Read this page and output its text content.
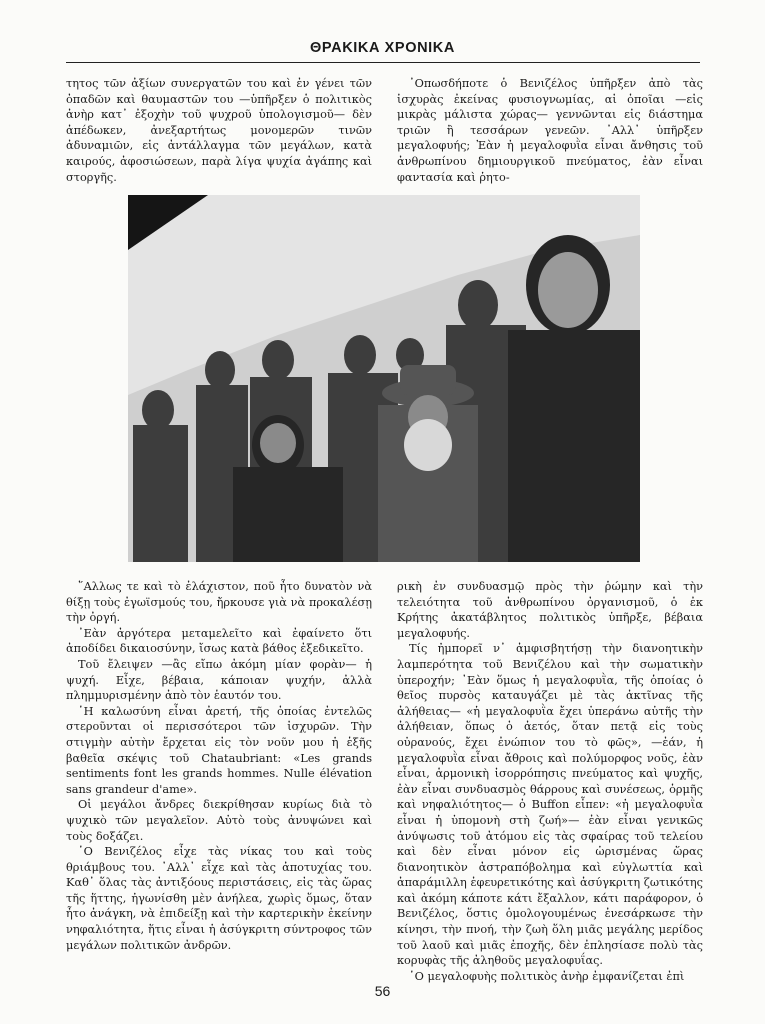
ΘΡΑΚΙΚΑ ΧΡΟΝΙΚΑ

τητος τῶν ἀξίων συνεργατῶν του καὶ ἐν γένει τῶν ὀπαδῶν καὶ θαυμαστῶν του —ὑπῆρξεν ὁ πολιτικὸς ἀνὴρ κατ᾽ ἐξοχὴν τοῦ ψυχροῦ ὑπολογισμοῦ— δὲν ἀπέδωκεν, ἀνεξαρτήτως μονομερῶν τινῶν ἀδυναμιῶν, εἰς ἀντάλλαγμα τῶν μεγάλων, κατὰ καιρούς, ἀφοσιώσεων, παρὰ λίγα ψυχία ἀγάπης καὶ στοργῆς.

᾽Οπωσδήποτε ὁ Βενιζέλος ὑπῆρξεν ἀπὸ τὰς ἰσχυρὰς ἐκείνας φυσιογνωμίας, αἱ ὁποῖαι —εἰς μικρὰς μάλιστα χώρας— γεννῶνται εἰς διάστημα τριῶν ἢ τεσσάρων γενεῶν. ᾽Αλλ᾽ ὑπῆρξεν μεγαλοφυής; Ἐὰν ἡ μεγαλοφυῒα εἶναι ἄνθησις τοῦ ἀνθρωπίνου δημιουργικοῦ πνεύματος, ἐὰν εἶναι φαντασία καὶ ῥητο-

῞Αλλως τε καὶ τὸ ἐλάχιστον, ποῦ ἦτο δυνατὸν νὰ θίξῃ τοὺς ἐγωϊσμούς του, ἤρκουσε γιὰ νὰ προκαλέσῃ τὴν ὀργή.

᾽Εὰν ἀργότερα μεταμελεῖτο καὶ ἐφαίνετο ὅτι ἀποδίδει δικαιοσύνην, ἴσως κατὰ βάθος ἐξεδικεῖτο.

Τοῦ ἔλειψεν —ἂς εἴπω ἀκόμη μίαν φορὰν— ἡ ψυχή. Εἶχε, βέβαια, κάποιαν ψυχήν, ἀλλὰ πλημμυρισμένην ἀπὸ τὸν ἑαυτόν του.

῾Η καλωσύνη εἶναι ἀρετή, τῆς ὁποίας ἐντελῶς στεροῦνται οἱ περισσότεροι τῶν ἰσχυρῶν. Τὴν στιγμὴν αὐτὴν ἔρχεται εἰς τὸν νοῦν μου ἡ ἑξῆς βαθεῖα σκέψις τοῦ Chataubriant: «Les grands sentiments font les grands hommes. Nulle élévation sans grandeur d'ame».

Οἱ μεγάλοι ἄνδρες διεκρίθησαν κυρίως διὰ τὸ ψυχικὸ τῶν μεγαλεῖον. Αὐτὸ τοὺς ἀνυψώνει καὶ τοὺς δοξάζει.

῾Ο Βενιζέλος εἶχε τὰς νίκας του καὶ τοὺς θριάμβους του. ᾽Αλλ᾽ εἶχε καὶ τὰς ἀποτυχίας του. Καθ᾽ ὅλας τὰς ἀντιξόους περιστάσεις, εἰς τὰς ὥρας τῆς ἥττης, ἠγωνίσθη μὲν ἀνήλεα, χωρὶς ὅμως, ὅταν ἦτο ἀνάγκη, νὰ ἐπιδείξῃ καὶ τὴν καρτερικὴν ἐκείνην νηφαλιότητα, ἥτις εἶναι ἡ ἀσύγκριτη σύντροφος τῶν μεγάλων πολιτικῶν ἀνδρῶν.

ρικὴ ἐν συνδυασμῷ πρὸς τὴν ῥώμην καὶ τὴν τελειότητα τοῦ ἀνθρωπίνου ὀργανισμοῦ, ὁ ἐκ Κρήτης ἀκατάβλητος πολιτικὸς ὑπῆρξε, βέβαια μεγαλοφυής.

Τίς ἠμπορεῖ ν᾽ ἀμφισβητήσῃ τὴν διανοητικὴν λαμπερότητα τοῦ Βενιζέλου καὶ τὴν σωματικὴν ὑπεροχήν; ᾽Εὰν ὅμως ἡ μεγαλοφυῒα, τῆς ὁποίας ὁ θεῖος πυρσὸς καταυγάζει μὲ τὰς ἀκτῖνας τῆς ἀλήθειας— «ἡ μεγαλοφυῒα ἔχει ὑπεράνω αὐτῆς τὴν ἀλήθειαν, ὅπως ὁ ἀετός, ὅταν πετᾷ εἰς τοὺς οὐρανούς, ἔχει ἐνώπιον του τὸ φῶς», —ἐάν, ἡ μεγαλοφυῒα εἶναι ἄθροις καὶ πολύμορφος νοῦς, ἐὰν εἶναι, ἁρμονικὴ ἰσορρόπησις πνεύματος καὶ ψυχῆς, ἐὰν εἶναι συνδυασμὸς θάρρους καὶ συνέσεως, ὁρμῆς καὶ νηφαλιότητος— ὁ Buffon εἶπεν: «ἡ μεγαλοφυῒα εἶναι ἡ ὑπομονὴ στὴ ζωή»— ἐὰν εἶναι γενικῶς ἀνύψωσις τοῦ ἀτόμου εἰς τὰς σφαίρας τοῦ τελείου καὶ δὲν εἶναι μόνον εἰς ὡρισμένας ὥρας διανοητικὸν ἀστραπόβολημα καὶ εὐγλωττία καὶ ἀπαράμιλλη ἐφευρετικότης καὶ ἀσύγκριτη ζωτικότης καὶ ἀκόμη κάποτε κάτι ἔξαλλον, κάτι παράφορον, ὁ Βενιζέλος, ὅστις ὁμολογουμένως ἐνεσάρκωσε τὴν κίνησι, τὴν πνοή, τὴν ζωὴ ὅλη μιᾶς μεγάλης μερίδος τοῦ λαοῦ καὶ μιᾶς ἐποχῆς, δὲν ἐπλησίασε πολὺ τὰς κορυφὰς τῆς ἀληθοῦς μεγαλοφυΐας.

῾Ο μεγαλοφυὴς πολιτικὸς ἀνὴρ ἐμφανίζεται ἐπὶ

56
